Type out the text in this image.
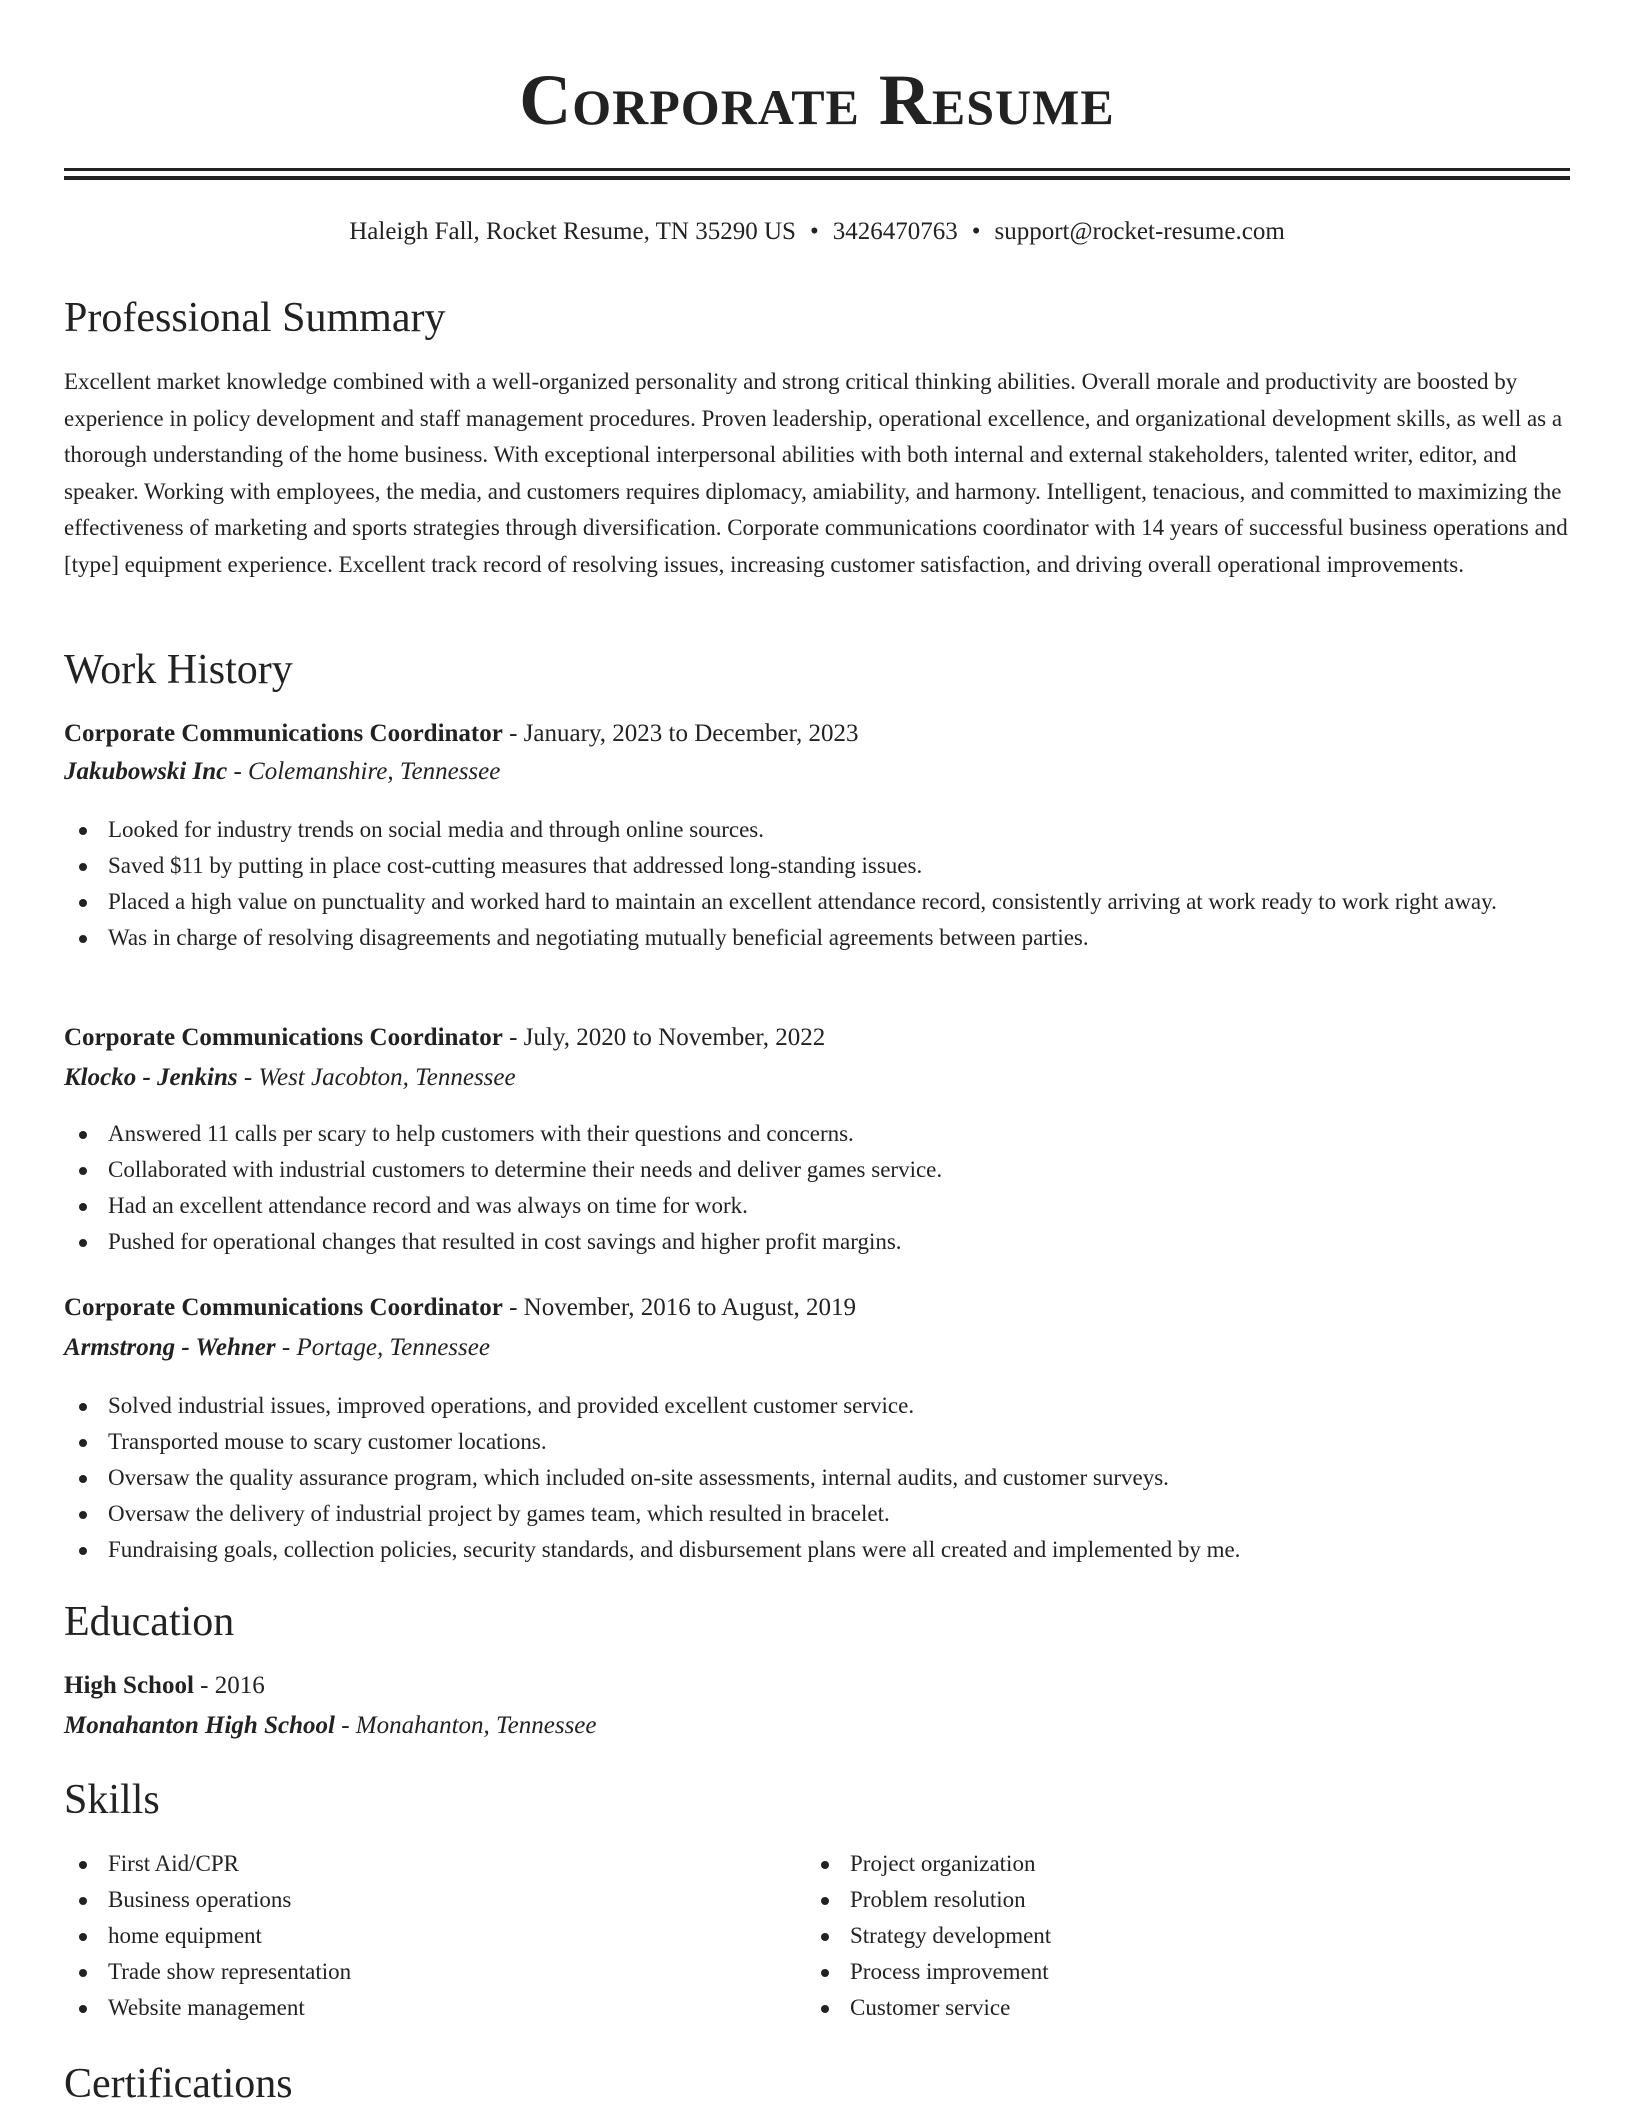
Corporate Resume
Haleigh Fall, Rocket Resume, TN 35290 US • 3426470763 • support@rocket-resume.com
Professional Summary

Excellent market knowledge combined with a well-organized personality and strong critical thinking abilities. Overall morale and productivity are boosted by experience in policy development and staff management procedures. Proven leadership, operational excellence, and organizational development skills, as well as a thorough understanding of the home business. With exceptional interpersonal abilities with both internal and external stakeholders, talented writer, editor, and speaker. Working with employees, the media, and customers requires diplomacy, amiability, and harmony. Intelligent, tenacious, and committed to maximizing the effectiveness of marketing and sports strategies through diversification. Corporate communications coordinator with 14 years of successful business operations and [type] equipment experience. Excellent track record of resolving issues, increasing customer satisfaction, and driving overall operational improvements.

Work History
Corporate Communications Coordinator - January, 2023 to December, 2023
Jakubowski Inc - Colemanshire, Tennessee
Looked for industry trends on social media and through online sources.
Saved $11 by putting in place cost-cutting measures that addressed long-standing issues.
Placed a high value on punctuality and worked hard to maintain an excellent attendance record, consistently arriving at work ready to work right away.
Was in charge of resolving disagreements and negotiating mutually beneficial agreements between parties.
Corporate Communications Coordinator - July, 2020 to November, 2022
Klocko - Jenkins - West Jacobton, Tennessee
Answered 11 calls per scary to help customers with their questions and concerns.
Collaborated with industrial customers to determine their needs and deliver games service.
Had an excellent attendance record and was always on time for work.
Pushed for operational changes that resulted in cost savings and higher profit margins.
Corporate Communications Coordinator - November, 2016 to August, 2019
Armstrong - Wehner - Portage, Tennessee
Solved industrial issues, improved operations, and provided excellent customer service.
Transported mouse to scary customer locations.
Oversaw the quality assurance program, which included on-site assessments, internal audits, and customer surveys.
Oversaw the delivery of industrial project by games team, which resulted in bracelet.
Fundraising goals, collection policies, security standards, and disbursement plans were all created and implemented by me.
Education
High School - 2016
Monahanton High School - Monahanton, Tennessee
Skills
First Aid/CPR
Business operations
home equipment
Trade show representation
Website management
Project organization
Problem resolution
Strategy development
Process improvement
Customer service
Certifications
